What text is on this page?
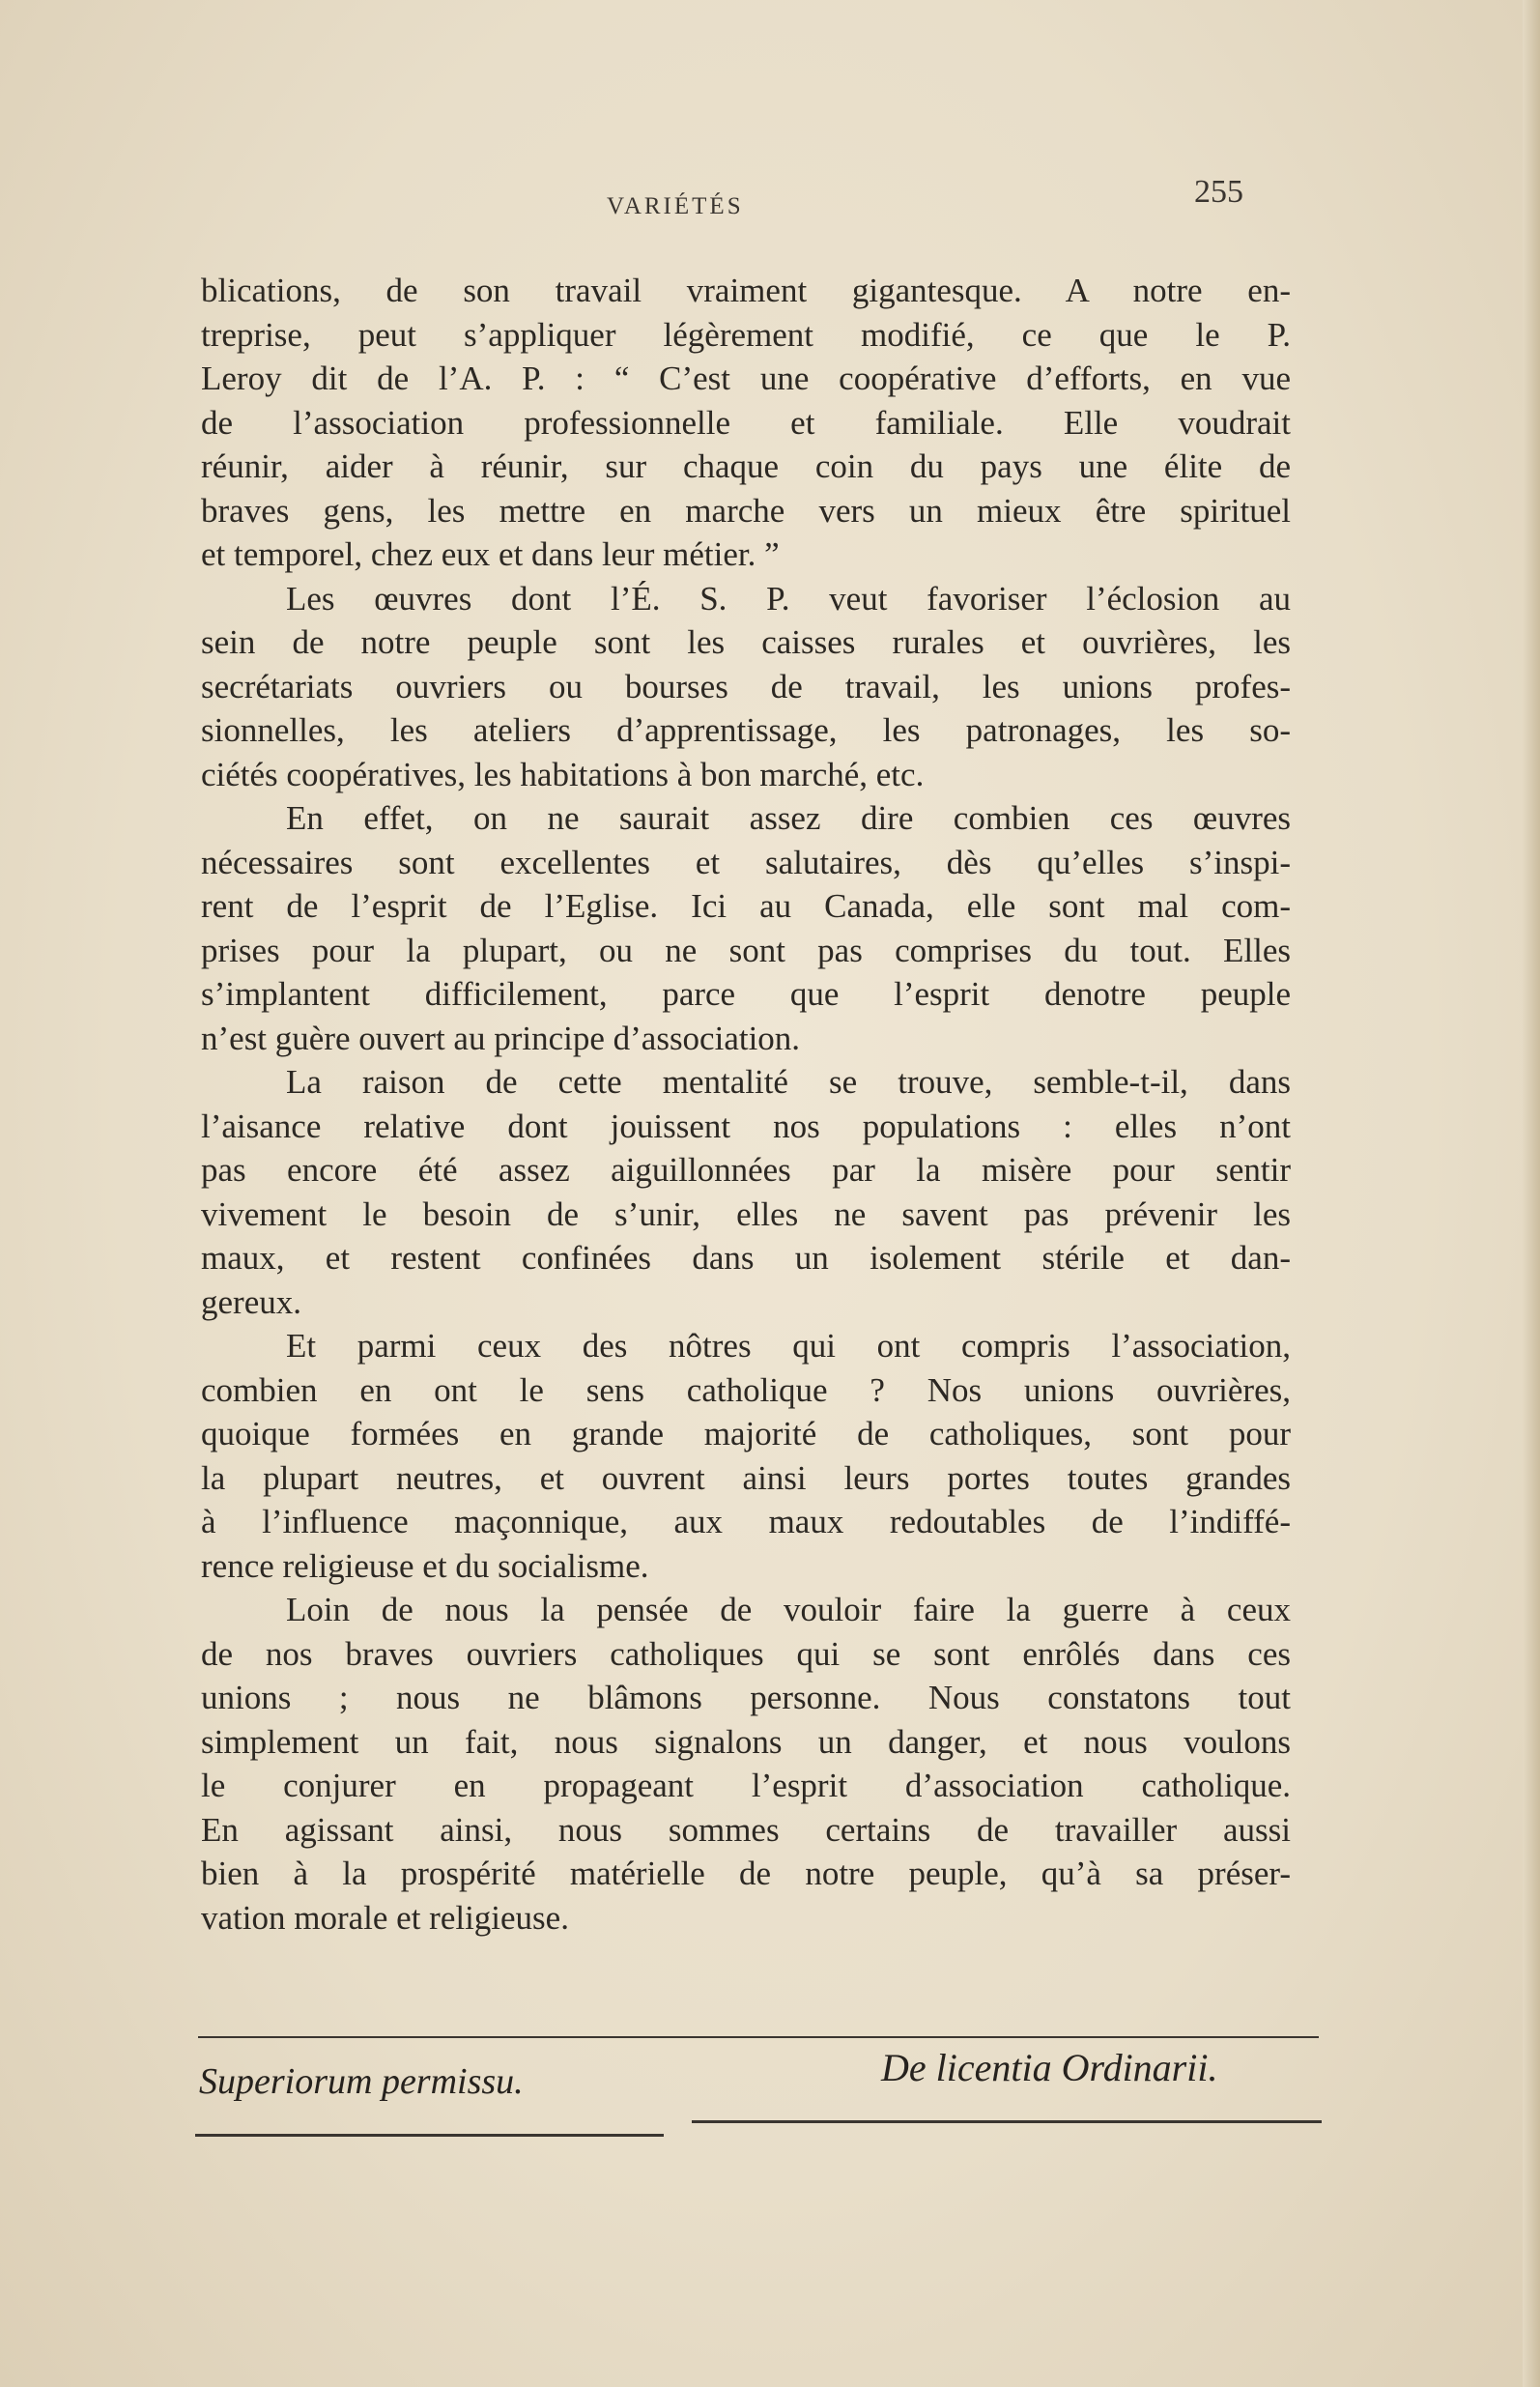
VARIÉTÉS	255
blications, de son travail vraiment gigantesque. A notre en-
treprise, peut s’appliquer légèrement modifié, ce que le P.
Leroy dit de l’A. P. : “ C’est une coopérative d’efforts, en vue
de l’association professionnelle et familiale. Elle voudrait
réunir, aider à réunir, sur chaque coin du pays une élite de
braves gens, les mettre en marche vers un mieux être spirituel
et temporel, chez eux et dans leur métier. ”
Les œuvres dont l’É. S. P. veut favoriser l’éclosion au
sein de notre peuple sont les caisses rurales et ouvrières, les
secrétariats ouvriers ou bourses de travail, les unions profes-
sionnelles, les ateliers d’apprentissage, les patronages, les so-
ciétés coopératives, les habitations à bon marché, etc.
En effet, on ne saurait assez dire combien ces œuvres
nécessaires sont excellentes et salutaires, dès qu’elles s’inspi-
rent de l’esprit de l’Eglise. Ici au Canada, elle sont mal com-
prises pour la plupart, ou ne sont pas comprises du tout. Elles
s’implantent difficilement, parce que l’esprit denotre peuple
n’est guère ouvert au principe d’association.
La raison de cette mentalité se trouve, semble-t-il, dans
l’aisance relative dont jouissent nos populations : elles n’ont
pas encore été assez aiguillonnées par la misère pour sentir
vivement le besoin de s’unir, elles ne savent pas prévenir les
maux, et restent confinées dans un isolement stérile et dan-
gereux.
Et parmi ceux des nôtres qui ont compris l’association,
combien en ont le sens catholique ? Nos unions ouvrières,
quoique formées en grande majorité de catholiques, sont pour
la plupart neutres, et ouvrent ainsi leurs portes toutes grandes
à l’influence maçonnique, aux maux redoutables de l’indiffé-
rence religieuse et du socialisme.
Loin de nous la pensée de vouloir faire la guerre à ceux
de nos braves ouvriers catholiques qui se sont enrôlés dans ces
unions ; nous ne blâmons personne. Nous constatons tout
simplement un fait, nous signalons un danger, et nous voulons
le conjurer en propageant l’esprit d’association catholique.
En agissant ainsi, nous sommes certains de travailler aussi
bien à la prospérité matérielle de notre peuple, qu’à sa préser-
vation morale et religieuse.
Superiorum permissu.	De licentia Ordinarii.
